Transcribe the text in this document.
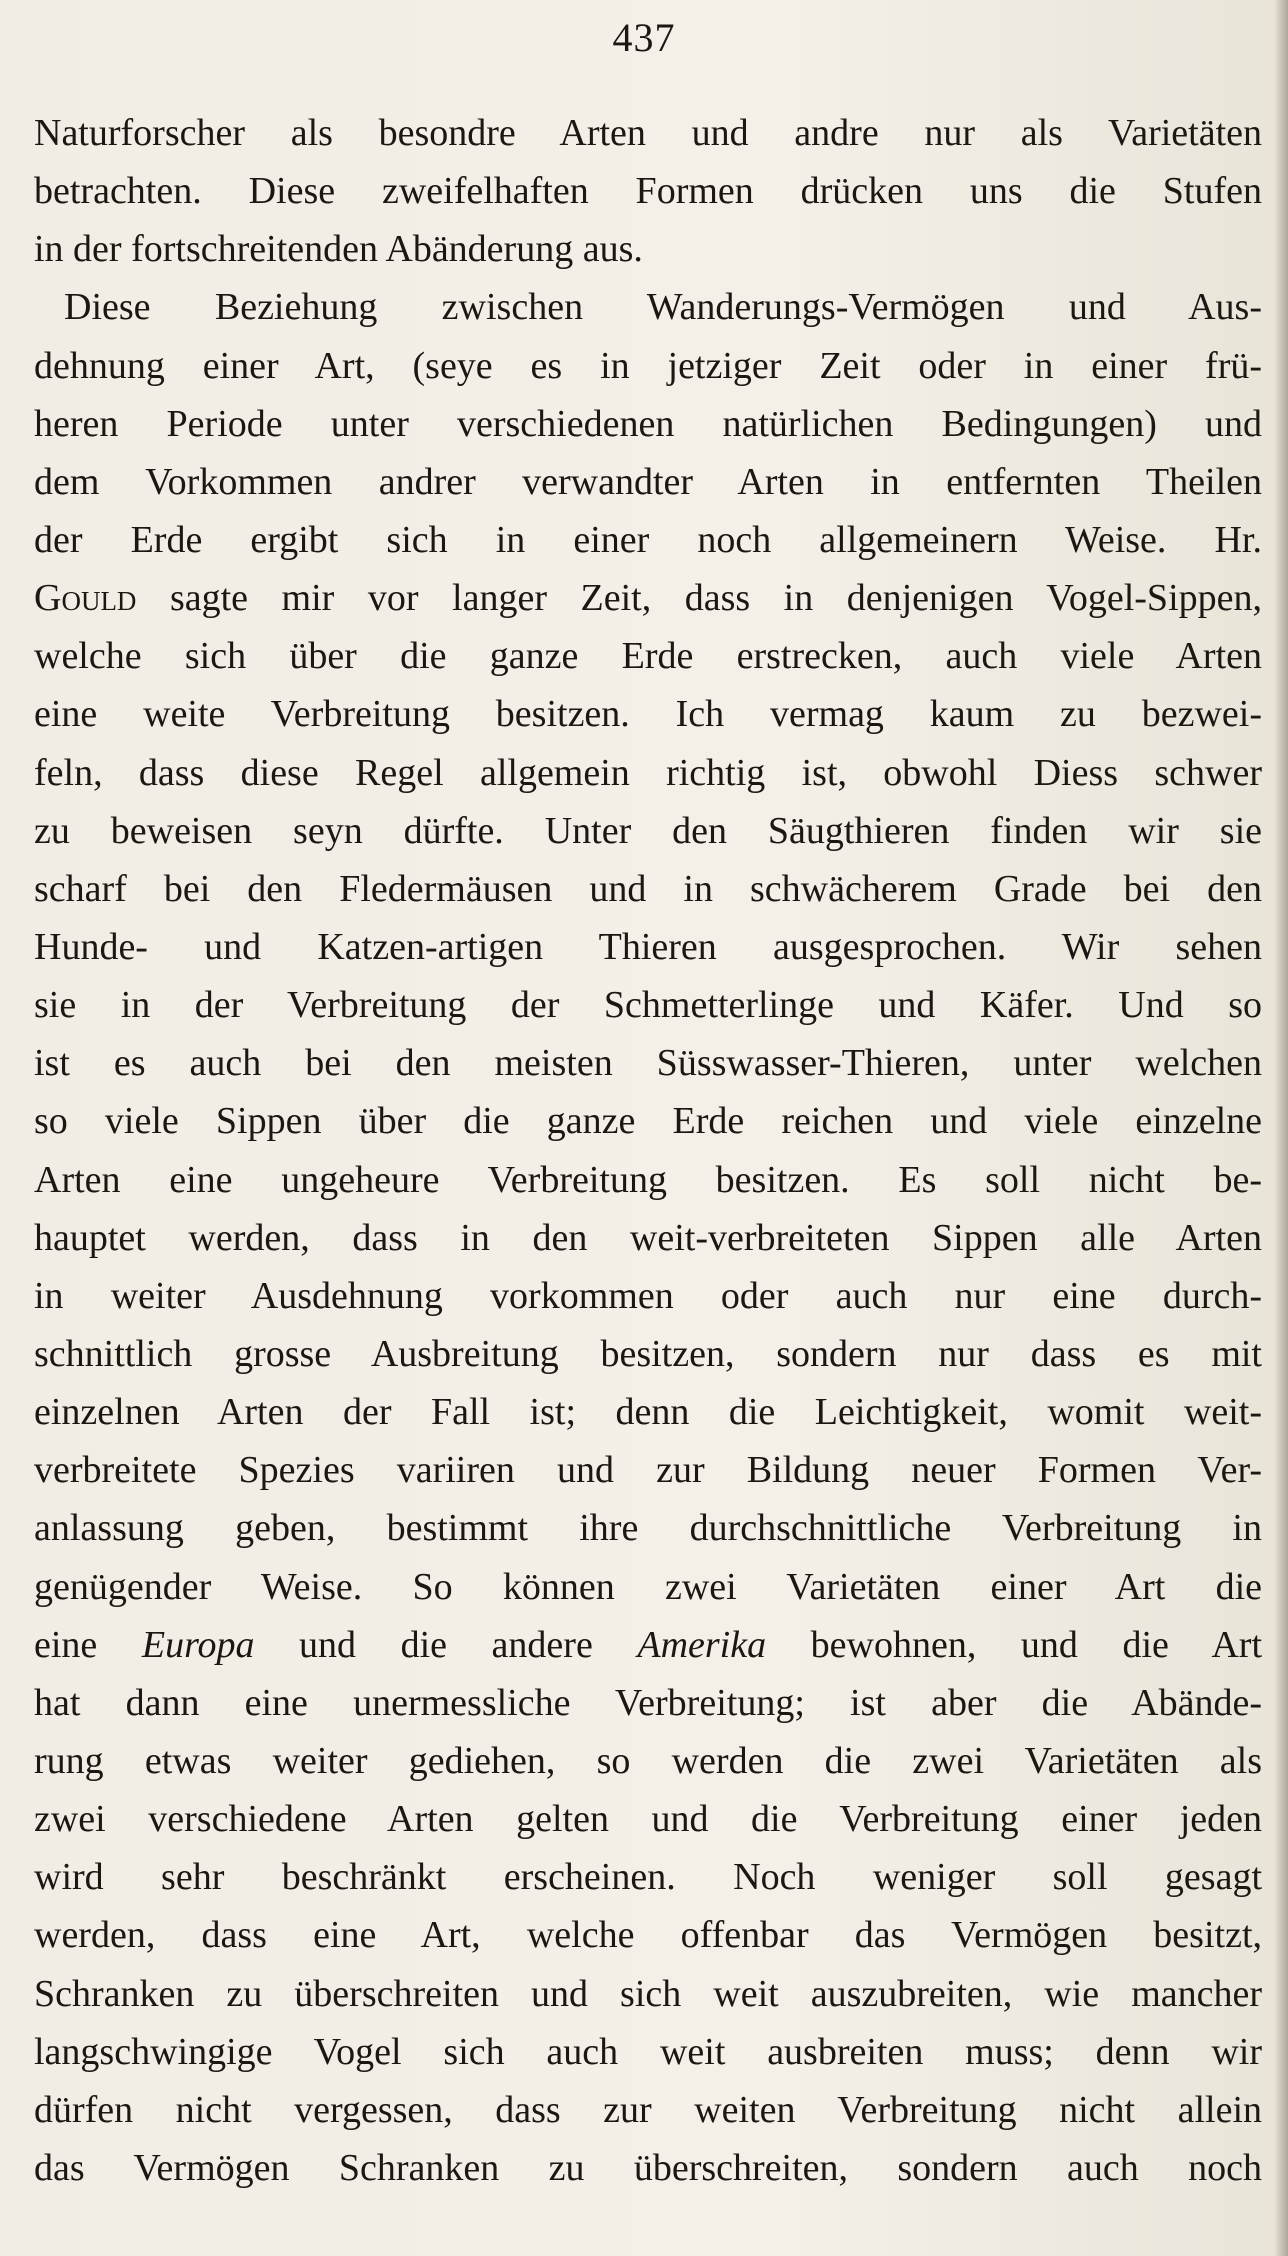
437
Naturforscher als besondre Arten und andre nur als Varietäten
betrachten. Diese zweifelhaften Formen drücken uns die Stufen
in der fortschreitenden Abänderung aus.
Diese Beziehung zwischen Wanderungs-Vermögen und Aus-
dehnung einer Art, (seye es in jetziger Zeit oder in einer frü-
heren Periode unter verschiedenen natürlichen Bedingungen) und
dem Vorkommen andrer verwandter Arten in entfernten Theilen
der Erde ergibt sich in einer noch allgemeinern Weise. Hr.
Gould sagte mir vor langer Zeit, dass in denjenigen Vogel-Sippen,
welche sich über die ganze Erde erstrecken, auch viele Arten
eine weite Verbreitung besitzen. Ich vermag kaum zu bezwei-
feln, dass diese Regel allgemein richtig ist, obwohl Diess schwer
zu beweisen seyn dürfte. Unter den Säugthieren finden wir sie
scharf bei den Fledermäusen und in schwächerem Grade bei den
Hunde- und Katzen-artigen Thieren ausgesprochen. Wir sehen
sie in der Verbreitung der Schmetterlinge und Käfer. Und so
ist es auch bei den meisten Süsswasser-Thieren, unter welchen
so viele Sippen über die ganze Erde reichen und viele einzelne
Arten eine ungeheure Verbreitung besitzen. Es soll nicht be-
hauptet werden, dass in den weit-verbreiteten Sippen alle Arten
in weiter Ausdehnung vorkommen oder auch nur eine durch-
schnittlich grosse Ausbreitung besitzen, sondern nur dass es mit
einzelnen Arten der Fall ist; denn die Leichtigkeit, womit weit-
verbreitete Spezies variiren und zur Bildung neuer Formen Ver-
anlassung geben, bestimmt ihre durchschnittliche Verbreitung in
genügender Weise. So können zwei Varietäten einer Art die
eine Europa und die andere Amerika bewohnen, und die Art
hat dann eine unermessliche Verbreitung; ist aber die Abände-
rung etwas weiter gediehen, so werden die zwei Varietäten als
zwei verschiedene Arten gelten und die Verbreitung einer jeden
wird sehr beschränkt erscheinen. Noch weniger soll gesagt
werden, dass eine Art, welche offenbar das Vermögen besitzt,
Schranken zu überschreiten und sich weit auszubreiten, wie mancher
langschwingige Vogel sich auch weit ausbreiten muss; denn wir
dürfen nicht vergessen, dass zur weiten Verbreitung nicht allein
das Vermögen Schranken zu überschreiten, sondern auch noch
